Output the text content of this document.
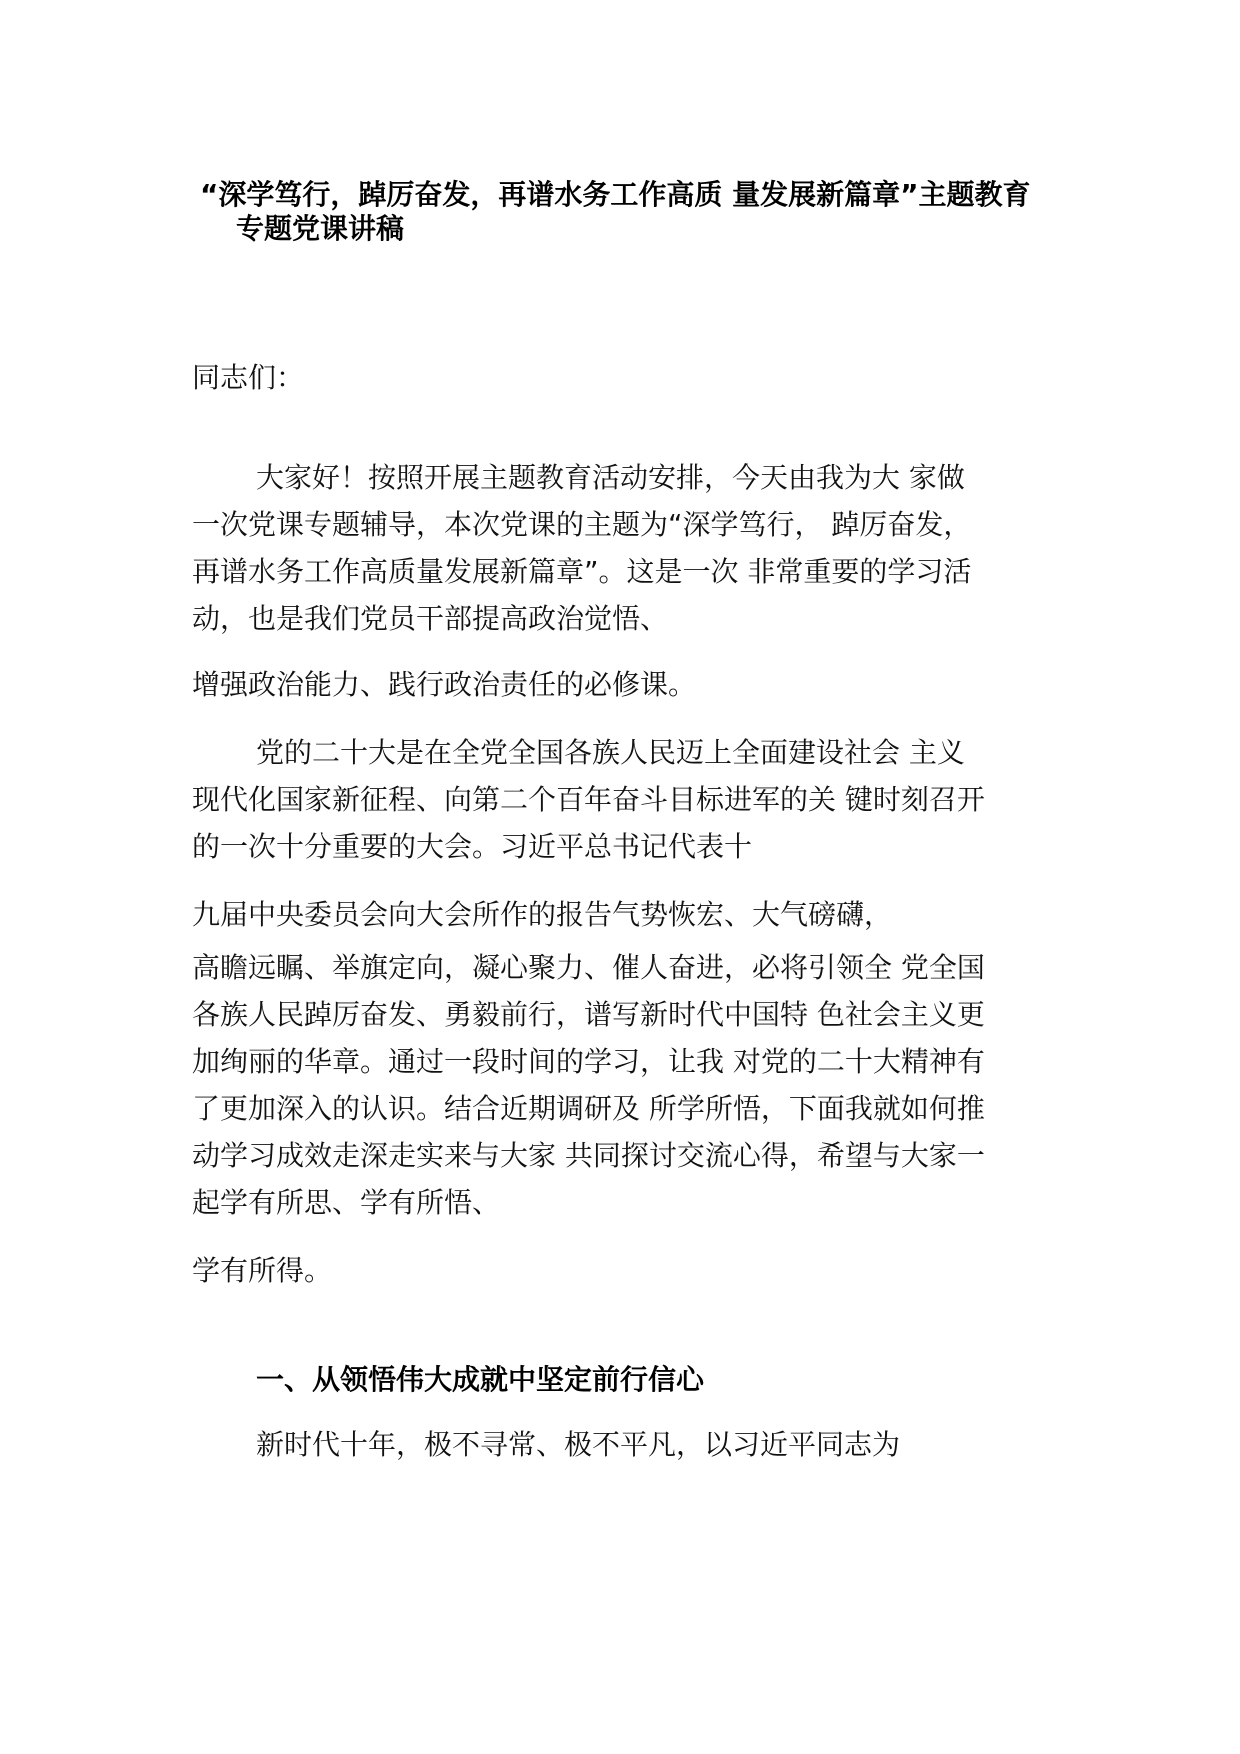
“深学笃行，踔厉奋发，再谱水务工作高质 量发展新篇章”主题教育
专题党课讲稿
同志们：
大家好！按照开展主题教育活动安排，今天由我为大 家做
一次党课专题辅导，本次党课的主题为“深学笃行， 踔厉奋发，
再谱水务工作高质量发展新篇章”。这是一次 非常重要的学习活
动，也是我们党员干部提高政治觉悟、
增强政治能力、践行政治责任的必修课。
党的二十大是在全党全国各族人民迈上全面建设社会 主义
现代化国家新征程、向第二个百年奋斗目标进军的关 键时刻召开
的一次十分重要的大会。习近平总书记代表十
九届中央委员会向大会所作的报告气势恢宏、大气磅礴，
高瞻远瞩、举旗定向，凝心聚力、催人奋进，必将引领全 党全国
各族人民踔厉奋发、勇毅前行，谱写新时代中国特 色社会主义更
加绚丽的华章。通过一段时间的学习，让我 对党的二十大精神有
了更加深入的认识。结合近期调研及 所学所悟，下面我就如何推
动学习成效走深走实来与大家 共同探讨交流心得，希望与大家一
起学有所思、学有所悟、
学有所得。
一、从领悟伟大成就中坚定前行信心
新时代十年，极不寻常、极不平凡，以习近平同志为
